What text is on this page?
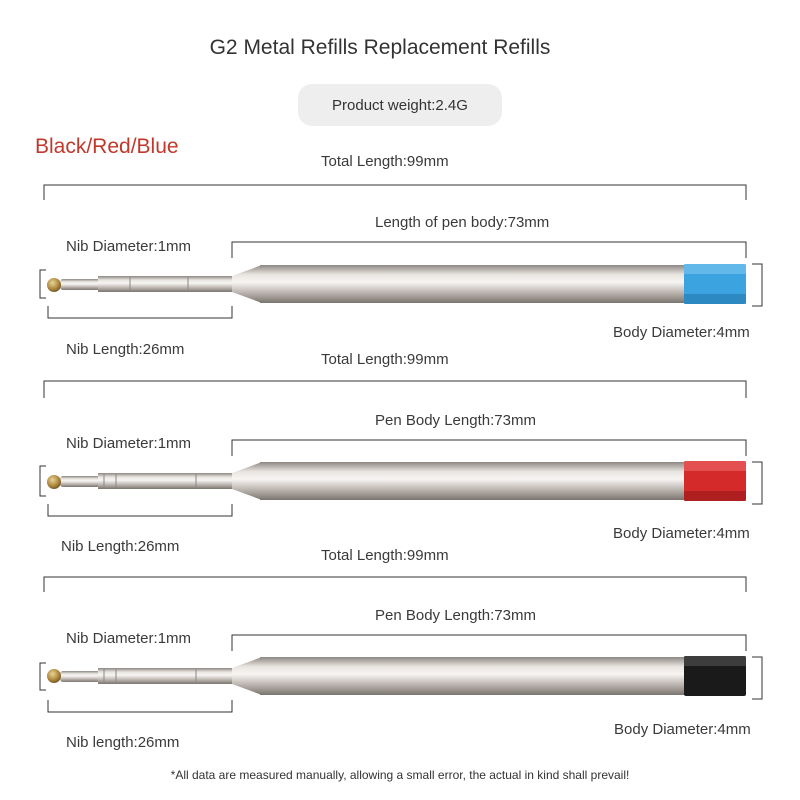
G2 Metal Refills Replacement Refills
Product weight:2.4G
Black/Red/Blue
Total Length:99mm
Length of pen body:73mm
Nib Diameter:1mm
Nib Length:26mm
Body Diameter:4mm
Total Length:99mm
Pen Body Length:73mm
Nib Diameter:1mm
Nib Length:26mm
Body Diameter:4mm
Total Length:99mm
Pen Body Length:73mm
Nib Diameter:1mm
Nib length:26mm
Body Diameter:4mm
*All data are measured manually, allowing a small error, the actual in kind shall prevail!
